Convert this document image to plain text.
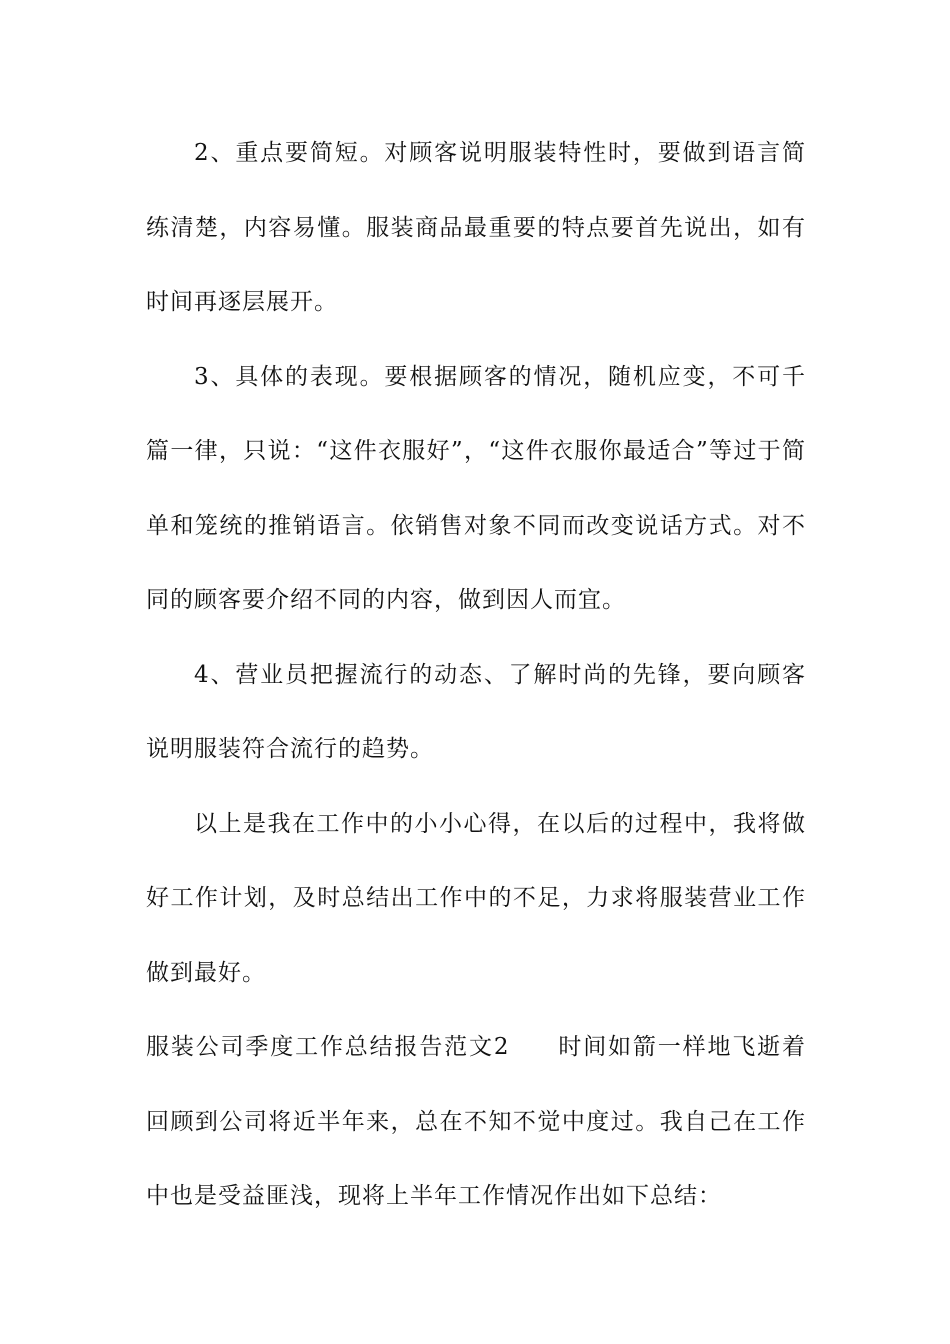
2、重点要简短。对顾客说明服装特性时，要做到语言简练清楚，内容易懂。服装商品最重要的特点要首先说出，如有时间再逐层展开。

3、具体的表现。要根据顾客的情况，随机应变，不可千篇一律，只说：“这件衣服好”，“这件衣服你最适合”等过于简单和笼统的推销语言。依销售对象不同而改变说话方式。对不同的顾客要介绍不同的内容，做到因人而宜。

4、营业员把握流行的动态、了解时尚的先锋，要向顾客说明服装符合流行的趋势。

以上是我在工作中的小小心得，在以后的过程中，我将做好工作计划，及时总结出工作中的不足，力求将服装营业工作做到最好。

服装公司季度工作总结报告范文2 时间如箭一样地飞逝着回顾到公司将近半年来，总在不知不觉中度过。我自己在工作中也是受益匪浅，现将上半年工作情况作出如下总结：
